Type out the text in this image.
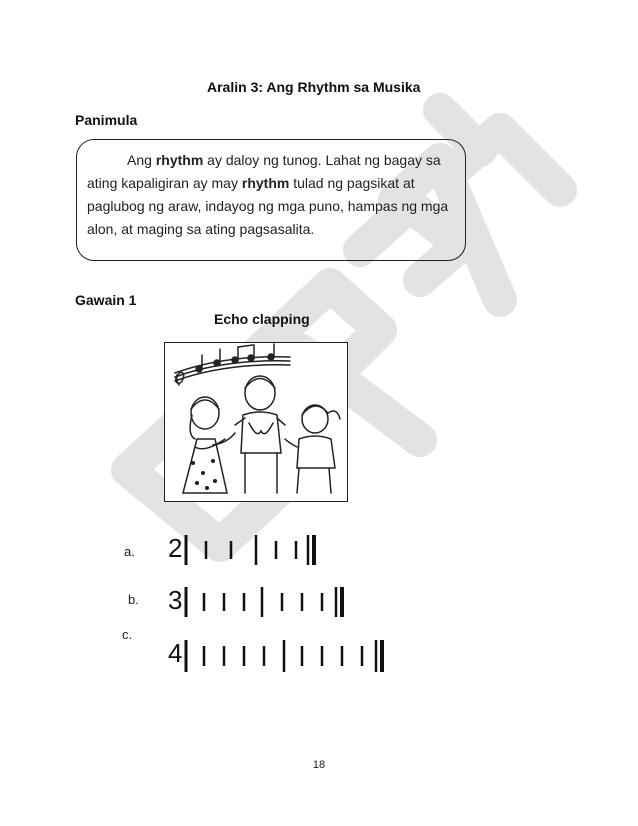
Aralin 3: Ang Rhythm sa Musika
Panimula
Ang rhythm ay daloy ng tunog. Lahat ng bagay sa ating kapaligiran ay may rhythm tulad ng pagsikat at paglubog ng araw, indayog ng mga puno, hampas ng mga alon, at maging sa ating pagsasalita.
Gawain 1
Echo clapping
a.
b.
c.
2
3
4
18
